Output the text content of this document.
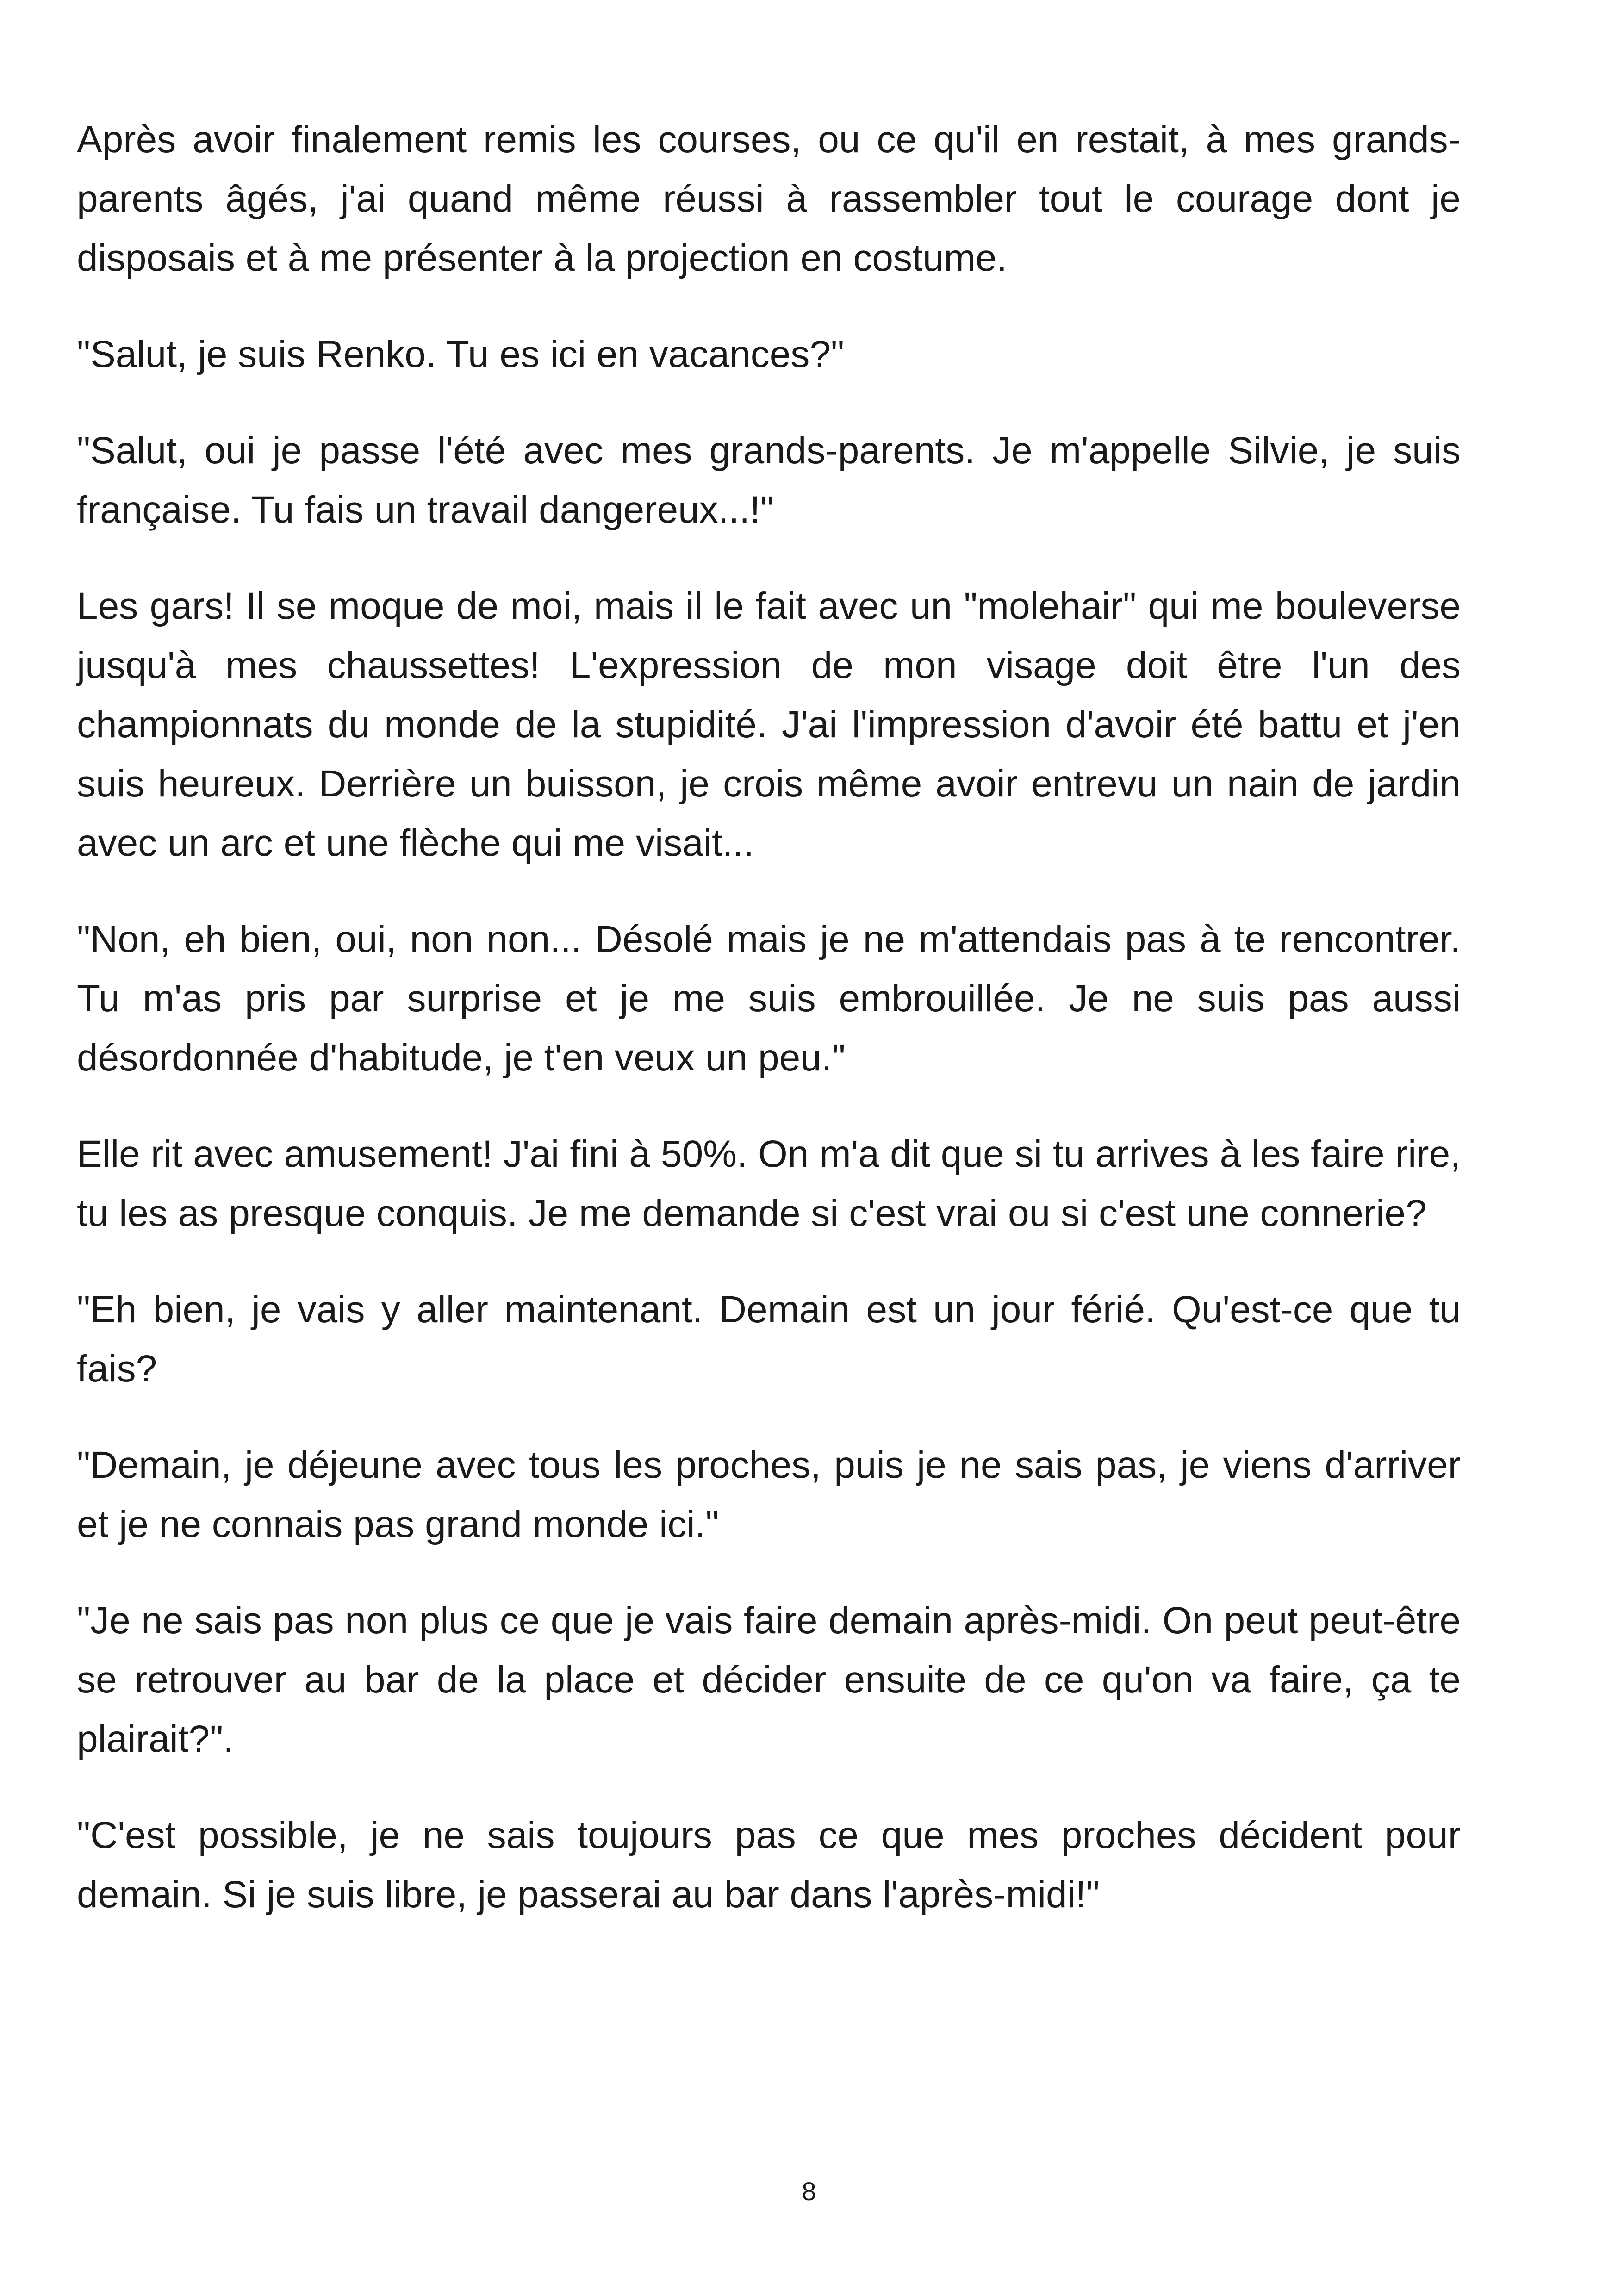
Après avoir finalement remis les courses, ou ce qu'il en restait, à mes grands-parents âgés, j'ai quand même réussi à rassembler tout le courage dont je disposais et à me présenter à la projection en costume.

"Salut, je suis Renko. Tu es ici en vacances?"

"Salut, oui je passe l'été avec mes grands-parents. Je m'appelle Silvie, je suis française. Tu fais un travail dangereux...!"

Les gars! Il se moque de moi, mais il le fait avec un "molehair" qui me bouleverse jusqu'à mes chaussettes! L'expression de mon visage doit être l'un des championnats du monde de la stupidité. J'ai l'impression d'avoir été battu et j'en suis heureux. Derrière un buisson, je crois même avoir entrevu un nain de jardin avec un arc et une flèche qui me visait...

"Non, eh bien, oui, non non... Désolé mais je ne m'attendais pas à te rencontrer. Tu m'as pris par surprise et je me suis embrouillée. Je ne suis pas aussi désordonnée d'habitude, je t'en veux un peu."

Elle rit avec amusement! J'ai fini à 50%. On m'a dit que si tu arrives à les faire rire, tu les as presque conquis. Je me demande si c'est vrai ou si c'est une connerie?

"Eh bien, je vais y aller maintenant. Demain est un jour férié. Qu'est-ce que tu fais?

"Demain, je déjeune avec tous les proches, puis je ne sais pas, je viens d'arriver et je ne connais pas grand monde ici."

"Je ne sais pas non plus ce que je vais faire demain après-midi. On peut peut-être se retrouver au bar de la place et décider ensuite de ce qu'on va faire, ça te plairait?".

"C'est possible, je ne sais toujours pas ce que mes proches décident pour demain. Si je suis libre, je passerai au bar dans l'après-midi!"

8
